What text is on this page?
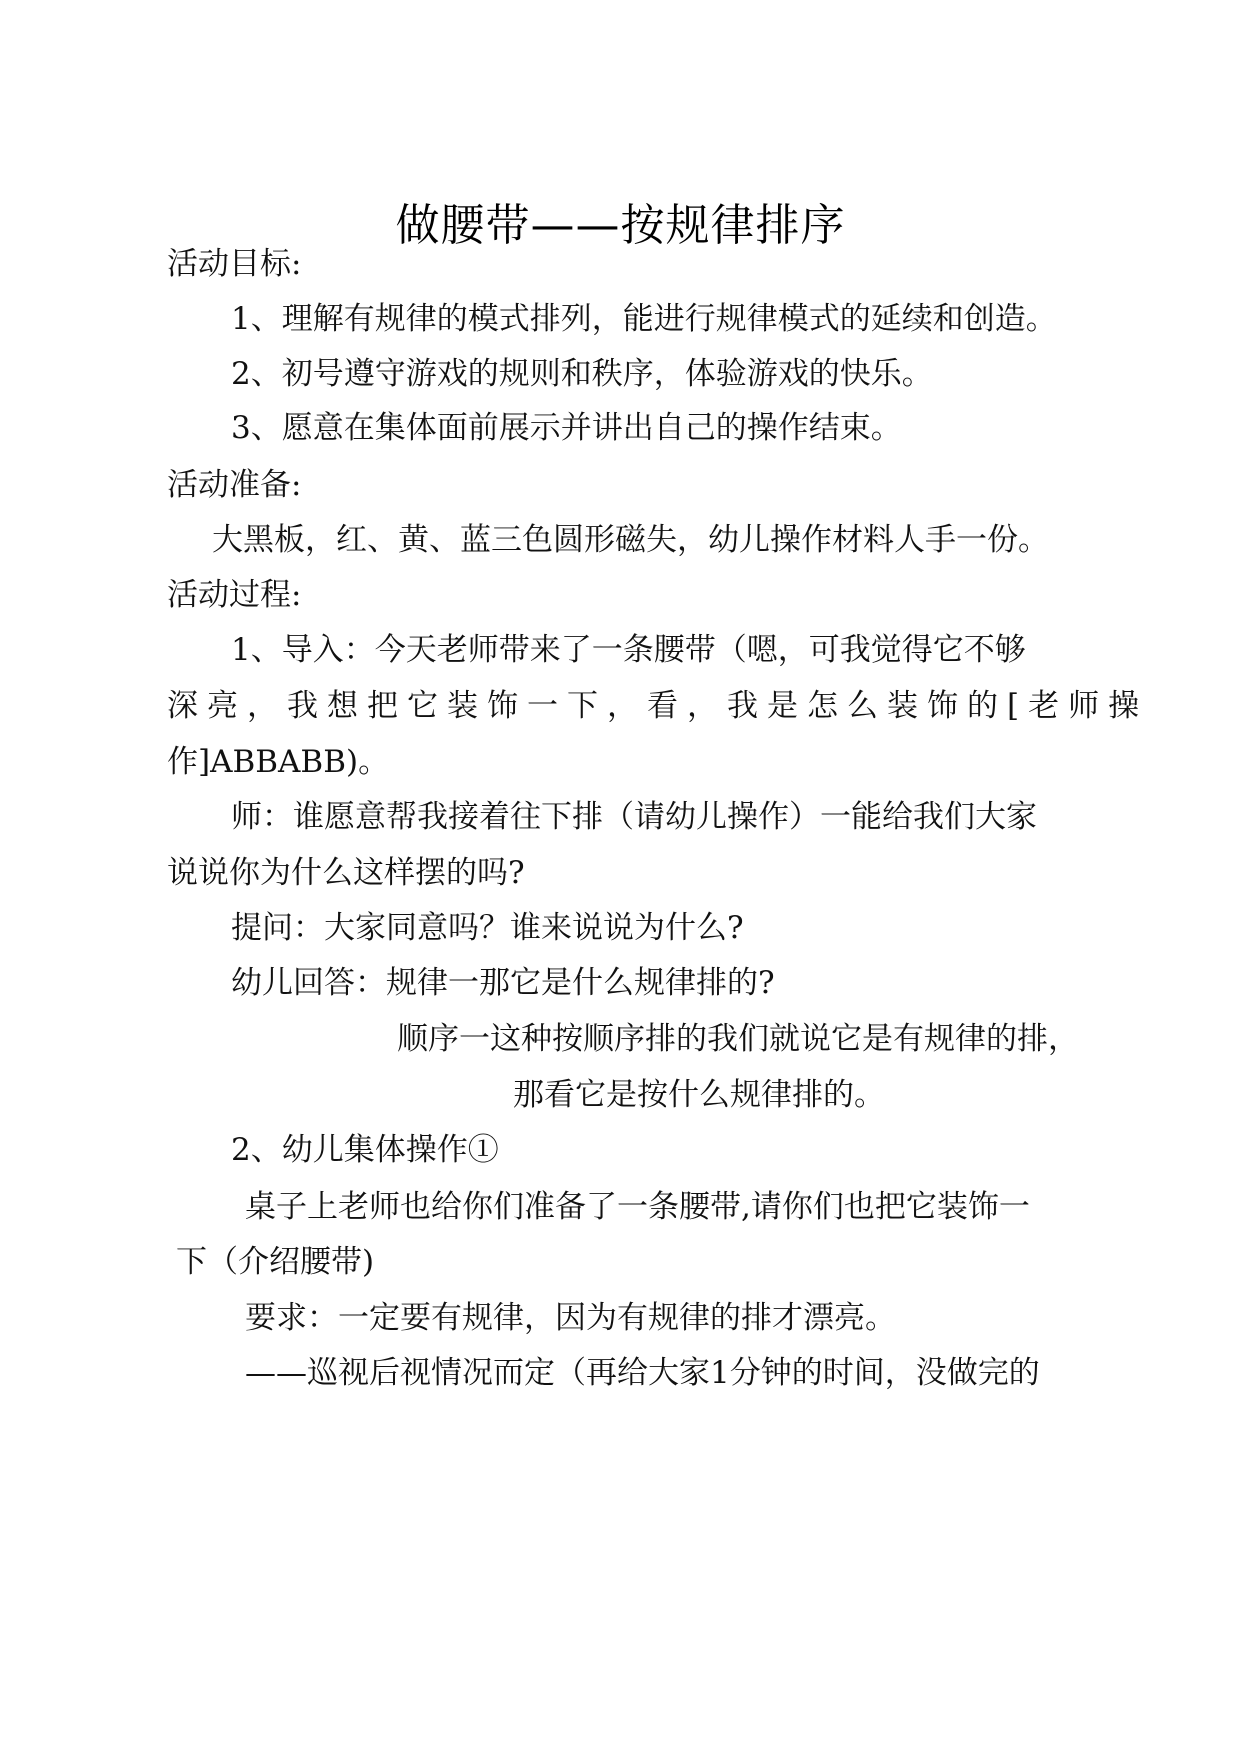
做腰带——按规律排序
活动目标:
1、理解有规律的模式排列，能进行规律模式的延续和创造。
2、初号遵守游戏的规则和秩序，体验游戏的快乐。
3、愿意在集体面前展示并讲出自己的操作结束。
活动准备:
大黑板，红、黄、蓝三色圆形磁失，幼儿操作材料人手一份。
活动过程:
1、导入：今天老师带来了一条腰带（嗯，可我觉得它不够
深亮，我想把它装饰一下，看，我是怎么装饰的[老师操
作]ABBABB)。
师：谁愿意帮我接着往下排（请幼儿操作）一能给我们大家
说说你为什么这样摆的吗?
提问：大家同意吗？谁来说说为什么?
幼儿回答：规律一那它是什么规律排的?
顺序一这种按顺序排的我们就说它是有规律的排，
那看它是按什么规律排的。
2、幼儿集体操作①
桌子上老师也给你们准备了一条腰带,请你们也把它装饰一
下（介绍腰带)
要求：一定要有规律，因为有规律的排才漂亮。
——巡视后视情况而定（再给大家1分钟的时间，没做完的
